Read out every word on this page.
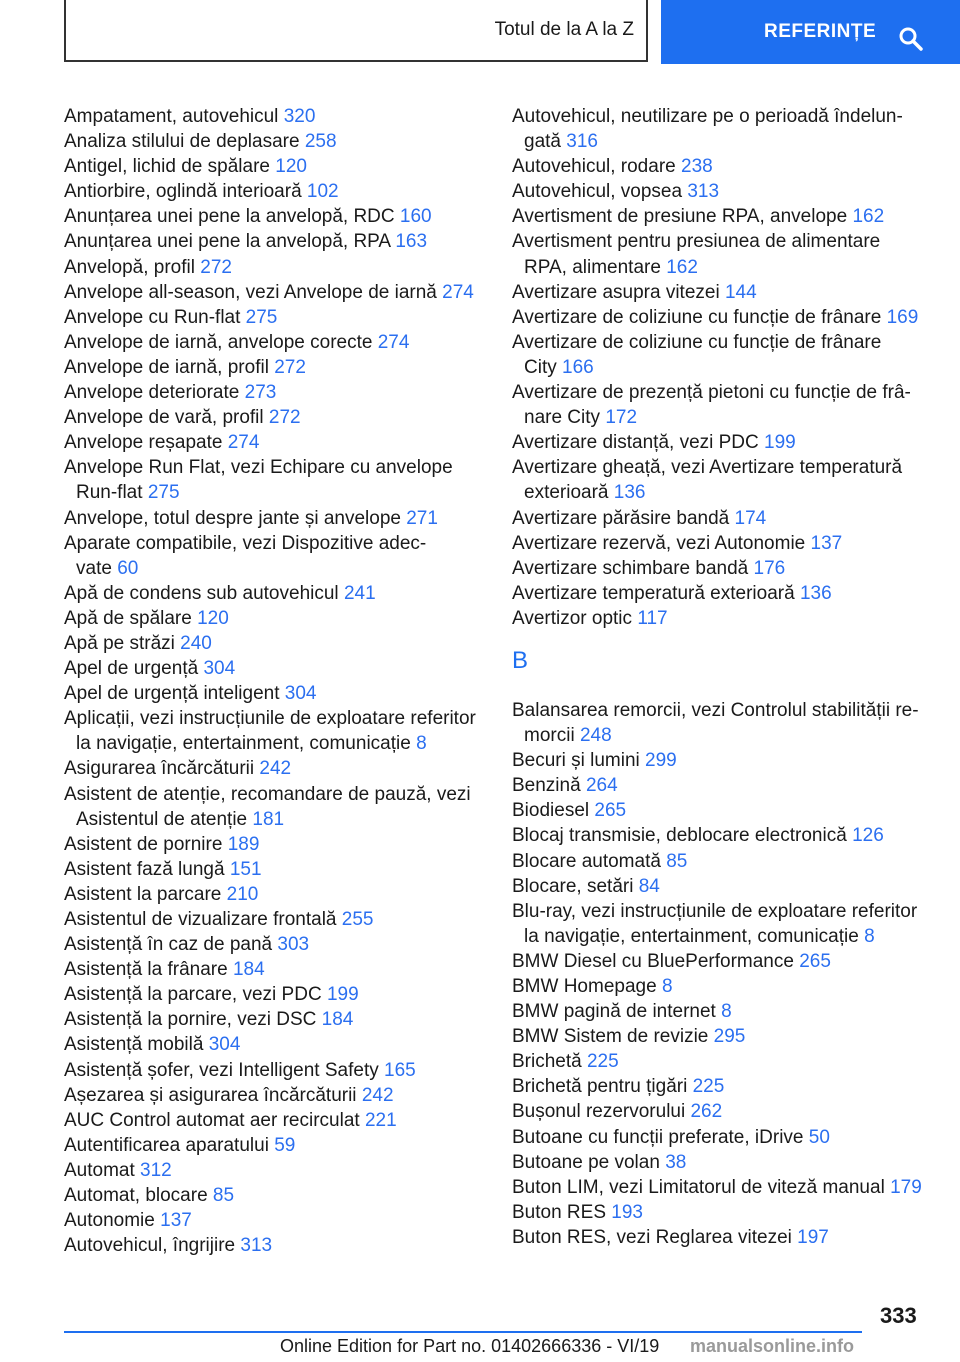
Totul de la A la Z	REFERINȚE
Ampatament, autovehicul 320
Analiza stilului de deplasare 258
Antigel, lichid de spălare 120
Antiorbire, oglindă interioară 102
Anunțarea unei pene la anvelopă, RDC 160
Anunțarea unei pene la anvelopă, RPA 163
Anvelopă, profil 272
Anvelope all-season, vezi Anvelope de iarnă 274
Anvelope cu Run-flat 275
Anvelope de iarnă, anvelope corecte 274
Anvelope de iarnă, profil 272
Anvelope deteriorate 273
Anvelope de vară, profil 272
Anvelope reșapate 274
Anvelope Run Flat, vezi Echipare cu anvelope
Run-flat 275
Anvelope, totul despre jante și anvelope 271
Aparate compatibile, vezi Dispozitive adec-
vate 60
Apă de condens sub autovehicul 241
Apă de spălare 120
Apă pe străzi 240
Apel de urgență 304
Apel de urgență inteligent 304
Aplicații, vezi instrucțiunile de exploatare referitor
la navigație, entertainment, comunicație 8
Asigurarea încărcăturii 242
Asistent de atenție, recomandare de pauză, vezi
Asistentul de atenție 181
Asistent de pornire 189
Asistent fază lungă 151
Asistent la parcare 210
Asistentul de vizualizare frontală 255
Asistență în caz de pană 303
Asistență la frânare 184
Asistență la parcare, vezi PDC 199
Asistență la pornire, vezi DSC 184
Asistență mobilă 304
Asistență șofer, vezi Intelligent Safety 165
Așezarea și asigurarea încărcăturii 242
AUC Control automat aer recirculat 221
Autentificarea aparatului 59
Automat 312
Automat, blocare 85
Autonomie 137
Autovehicul, îngrijire 313
Autovehicul, neutilizare pe o perioadă îndelun-
gată 316
Autovehicul, rodare 238
Autovehicul, vopsea 313
Avertisment de presiune RPA, anvelope 162
Avertisment pentru presiunea de alimentare
RPA, alimentare 162
Avertizare asupra vitezei 144
Avertizare de coliziune cu funcție de frânare 169
Avertizare de coliziune cu funcție de frânare
City 166
Avertizare de prezență pietoni cu funcție de frâ-
nare City 172
Avertizare distanță, vezi PDC 199
Avertizare gheață, vezi Avertizare temperatură
exterioară 136
Avertizare părăsire bandă 174
Avertizare rezervă, vezi Autonomie 137
Avertizare schimbare bandă 176
Avertizare temperatură exterioară 136
Avertizor optic 117
B
Balansarea remorcii, vezi Controlul stabilității re-
morcii 248
Becuri și lumini 299
Benzină 264
Biodiesel 265
Blocaj transmisie, deblocare electronică 126
Blocare automată 85
Blocare, setări 84
Blu-ray, vezi instrucțiunile de exploatare referitor
la navigație, entertainment, comunicație 8
BMW Diesel cu BluePerformance 265
BMW Homepage 8
BMW pagină de internet 8
BMW Sistem de revizie 295
Brichetă 225
Brichetă pentru țigări 225
Bușonul rezervorului 262
Butoane cu funcții preferate, iDrive 50
Butoane pe volan 38
Buton LIM, vezi Limitatorul de viteză manual 179
Buton RES 193
Buton RES, vezi Reglarea vitezei 197
333
Online Edition for Part no. 01402666336 - VI/19 manualsonline.info
